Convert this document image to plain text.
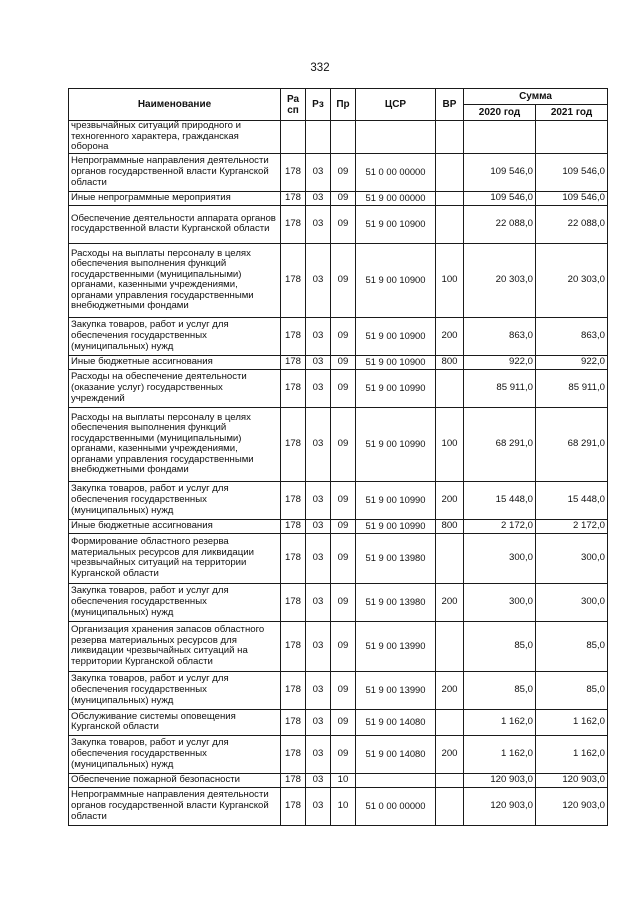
332
Наименование	Ра сп	Рз	Пр	ЦСР	ВР	Сумма	
						2020 год	2021 год
чрезвычайных ситуаций природного и техногенного характера, гражданская оборона							
Непрограммные направления деятельности органов государственной власти Курганской области	178	03	09	51 0 00 00000		109 546,0	109 546,0
Иные непрограммные мероприятия	178	03	09	51 9 00 00000		109 546,0	109 546,0
Обеспечение деятельности аппарата органов государственной власти Курганской области	178	03	09	51 9 00 10900		22 088,0	22 088,0
Расходы на выплаты персоналу в целях обеспечения выполнения функций государственными (муниципальными) органами, казенными учреждениями, органами управления государственными внебюджетными фондами	178	03	09	51 9 00 10900	100	20 303,0	20 303,0
Закупка товаров, работ и услуг для обеспечения государственных (муниципальных) нужд	178	03	09	51 9 00 10900	200	863,0	863,0
Иные бюджетные ассигнования	178	03	09	51 9 00 10900	800	922,0	922,0
Расходы на обеспечение деятельности (оказание услуг) государственных учреждений	178	03	09	51 9 00 10990		85 911,0	85 911,0
Расходы на выплаты персоналу в целях обеспечения выполнения функций государственными (муниципальными) органами, казенными учреждениями, органами управления государственными внебюджетными фондами	178	03	09	51 9 00 10990	100	68 291,0	68 291,0
Закупка товаров, работ и услуг для обеспечения государственных (муниципальных) нужд	178	03	09	51 9 00 10990	200	15 448,0	15 448,0
Иные бюджетные ассигнования	178	03	09	51 9 00 10990	800	2 172,0	2 172,0
Формирование областного резерва материальных ресурсов для ликвидации чрезвычайных ситуаций на территории Курганской области	178	03	09	51 9 00 13980		300,0	300,0
Закупка товаров, работ и услуг для обеспечения государственных (муниципальных) нужд	178	03	09	51 9 00 13980	200	300,0	300,0
Организация хранения запасов областного резерва материальных ресурсов для ликвидации чрезвычайных ситуаций на территории Курганской области	178	03	09	51 9 00 13990		85,0	85,0
Закупка товаров, работ и услуг для обеспечения государственных (муниципальных) нужд	178	03	09	51 9 00 13990	200	85,0	85,0
Обслуживание системы оповещения Курганской области	178	03	09	51 9 00 14080		1 162,0	1 162,0
Закупка товаров, работ и услуг для обеспечения государственных (муниципальных) нужд	178	03	09	51 9 00 14080	200	1 162,0	1 162,0
Обеспечение пожарной безопасности	178	03	10			120 903,0	120 903,0
Непрограммные направления деятельности органов государственной власти Курганской области	178	03	10	51 0 00 00000		120 903,0	120 903,0
